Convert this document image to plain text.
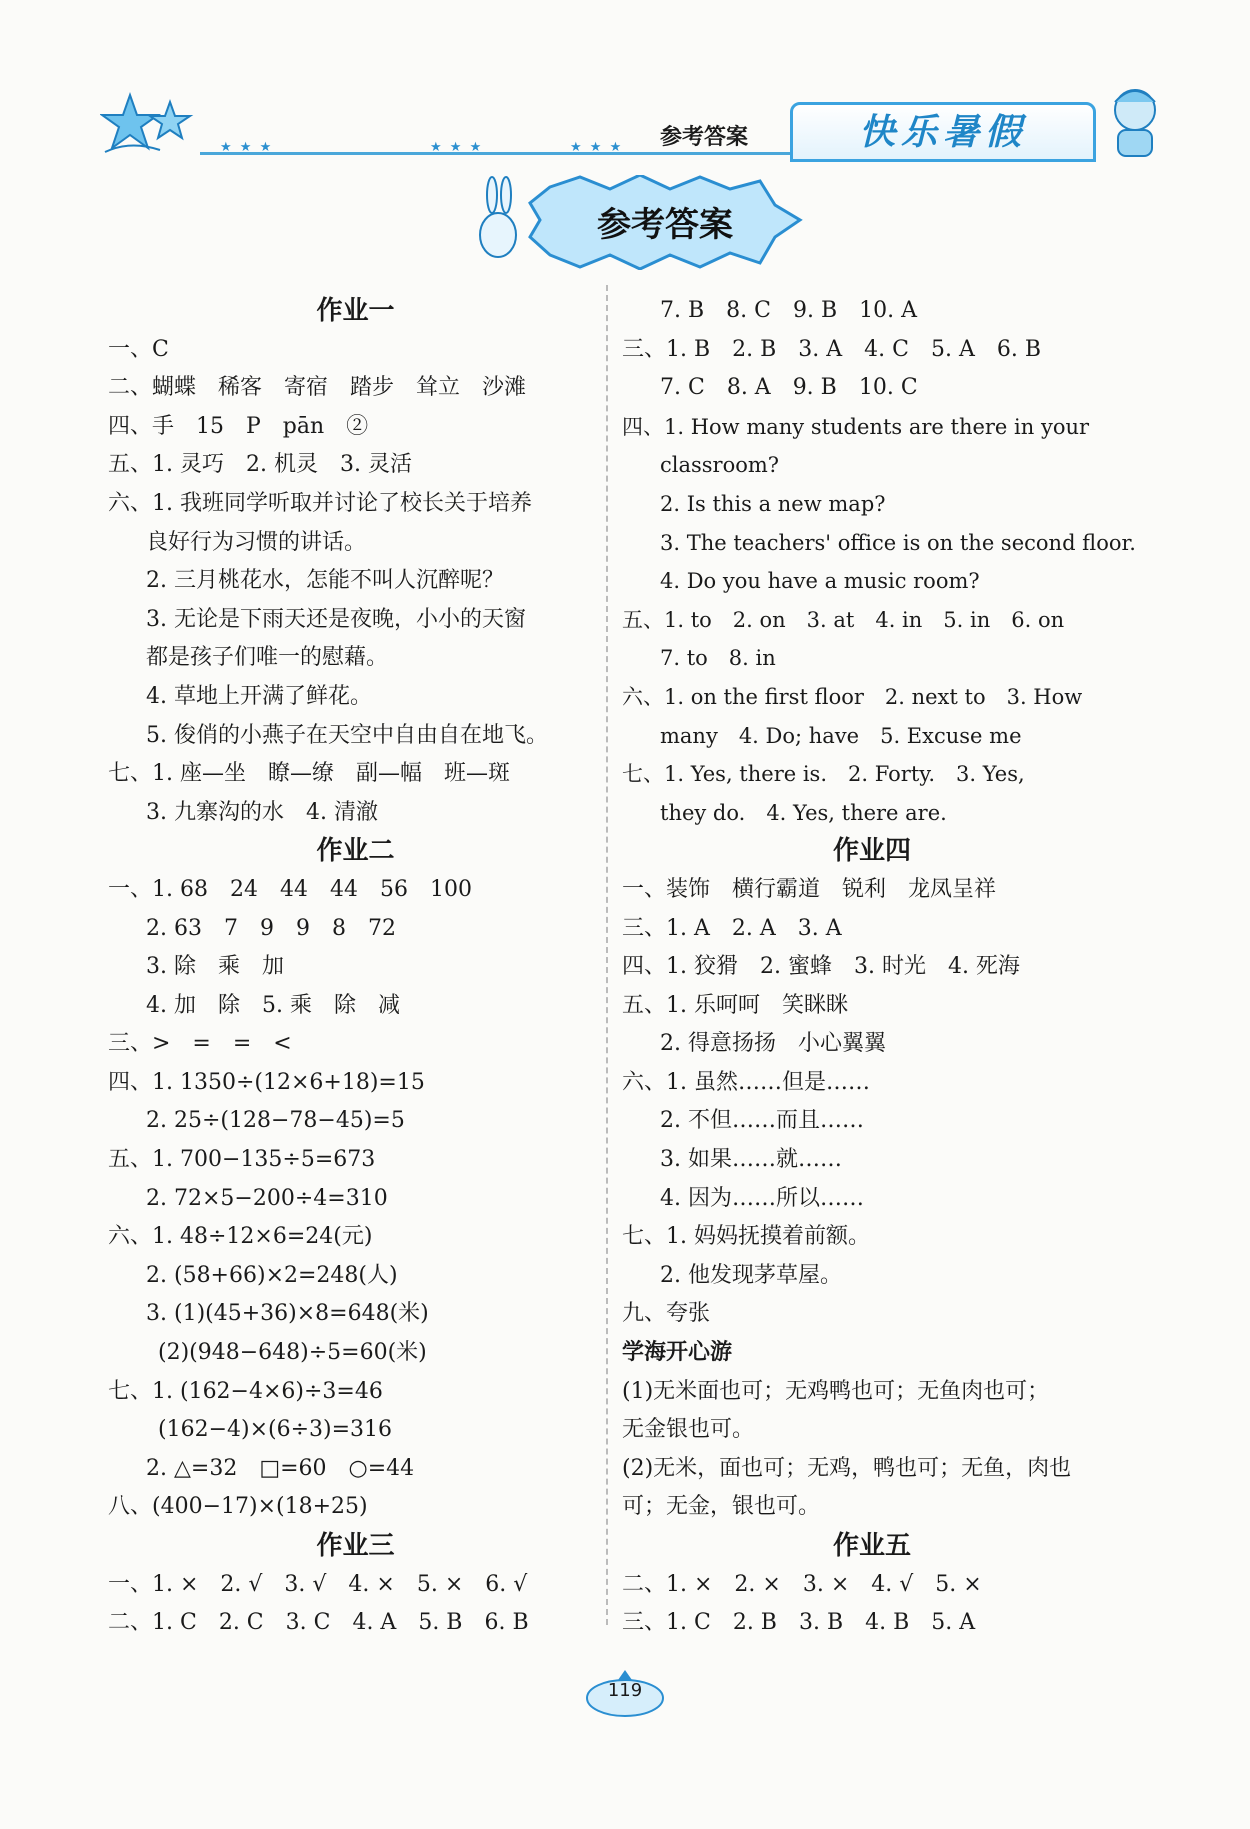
★ ★ ★	★ ★ ★	★ ★ ★ 参考答案	快乐暑假
参考答案
作业一
一、C
二、蝴蝶　稀客　寄宿　踏步　耸立　沙滩
四、手　15　P　pān　②
五、1. 灵巧　2. 机灵　3. 灵活
六、1. 我班同学听取并讨论了校长关于培养
良好行为习惯的讲话。
2. 三月桃花水，怎能不叫人沉醉呢？
3. 无论是下雨天还是夜晚，小小的天窗
都是孩子们唯一的慰藉。
4. 草地上开满了鲜花。
5. 俊俏的小燕子在天空中自由自在地飞。
七、1. 座—坐　瞭—缭　副—幅　班—斑
3. 九寨沟的水　4. 清澈
作业二
一、1. 68　24　44　44　56　100
2. 63　7　9　9　8　72
3. 除　乘　加
4. 加　除　5. 乘　除　减
三、>　=　=　<
四、1. 1350÷(12×6+18)=15
2. 25÷(128−78−45)=5
五、1. 700−135÷5=673
2. 72×5−200÷4=310
六、1. 48÷12×6=24(元)
2. (58+66)×2=248(人)
3. (1)(45+36)×8=648(米)
(2)(948−648)÷5=60(米)
七、1. (162−4×6)÷3=46
(162−4)×(6÷3)=316
2. △=32　□=60　○=44
八、(400−17)×(18+25)
作业三
一、1. ×　2. √　3. √　4. ×　5. ×　6. √
二、1. C　2. C　3. C　4. A　5. B　6. B
7. B　8. C　9. B　10. A
三、1. B　2. B　3. A　4. C　5. A　6. B
7. C　8. A　9. B　10. C
四、1. How many students are there in your
classroom?
2. Is this a new map?
3. The teachers' office is on the second floor.
4. Do you have a music room?
五、1. to　2. on　3. at　4. in　5. in　6. on
7. to　8. in
六、1. on the first floor　2. next to　3. How
many　4. Do; have　5. Excuse me
七、1. Yes, there is.　2. Forty.　3. Yes,
they do.　4. Yes, there are.
作业四
一、装饰　横行霸道　锐利　龙凤呈祥
三、1. A　2. A　3. A
四、1. 狡猾　2. 蜜蜂　3. 时光　4. 死海
五、1. 乐呵呵　笑眯眯
2. 得意扬扬　小心翼翼
六、1. 虽然……但是……
2. 不但……而且……
3. 如果……就……
4. 因为……所以……
七、1. 妈妈抚摸着前额。
2. 他发现茅草屋。
九、夸张
学海开心游
(1)无米面也可；无鸡鸭也可；无鱼肉也可；
无金银也可。
(2)无米，面也可；无鸡，鸭也可；无鱼，肉也
可；无金，银也可。
作业五
二、1. ×　2. ×　3. ×　4. √　5. ×
三、1. C　2. B　3. B　4. B　5. A
119
